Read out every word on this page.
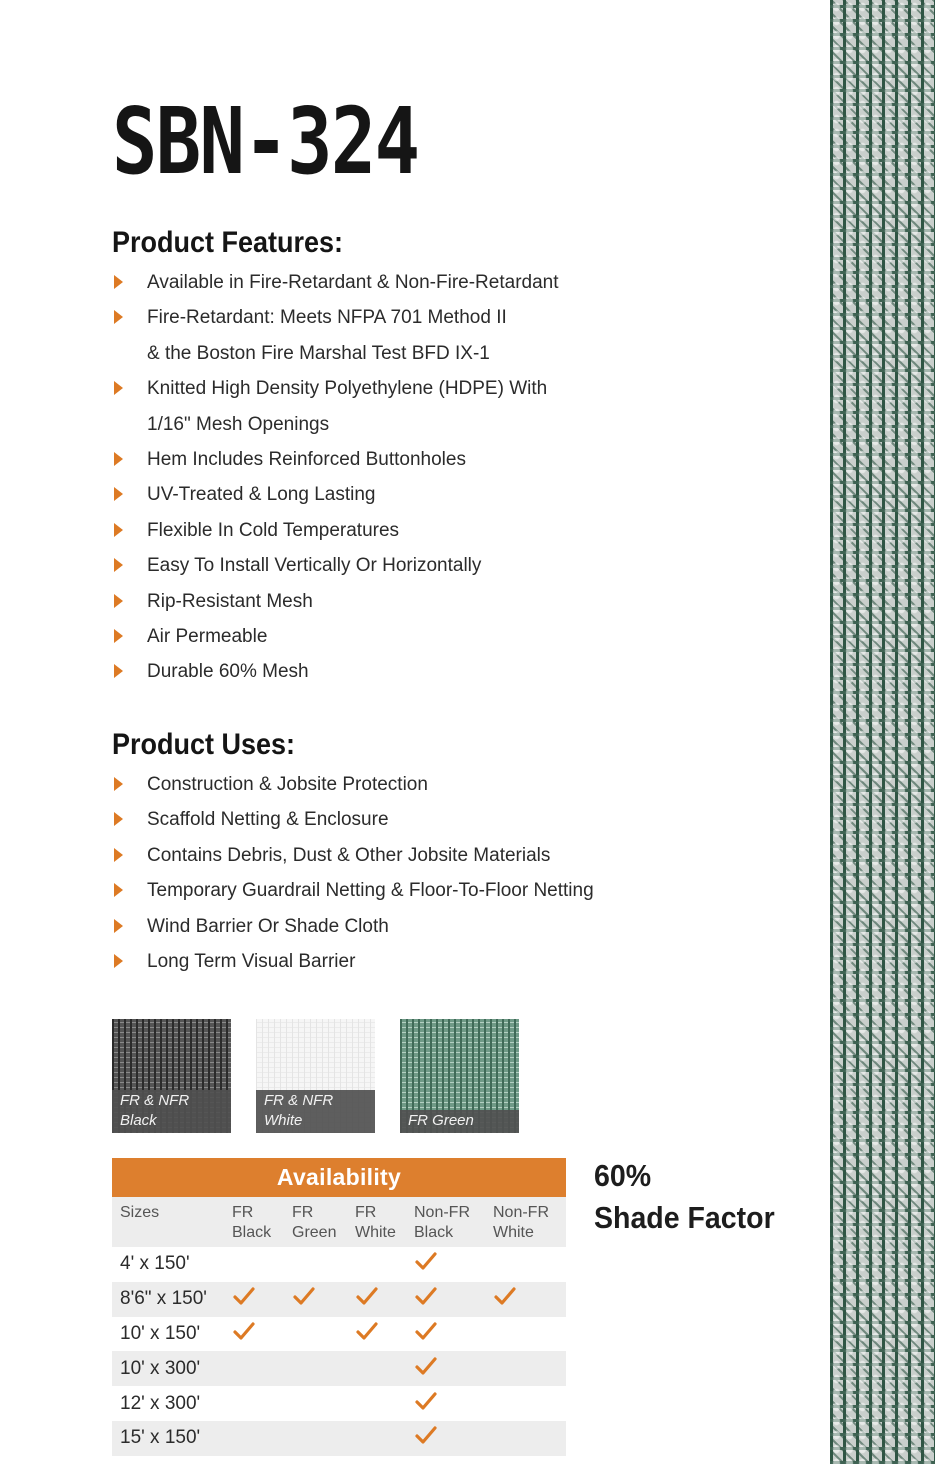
SBN-324
Product Features:
Available in Fire-Retardant & Non-Fire-Retardant
Fire-Retardant: Meets NFPA 701 Method II
& the Boston Fire Marshal Test BFD IX-1
Knitted High Density Polyethylene (HDPE) With
1/16" Mesh Openings
Hem Includes Reinforced Buttonholes
UV-Treated & Long Lasting
Flexible In Cold Temperatures
Easy To Install Vertically Or Horizontally
Rip-Resistant Mesh
Air Permeable
Durable 60% Mesh
Product Uses:
Construction & Jobsite Protection
Scaffold Netting & Enclosure
Contains Debris, Dust & Other Jobsite Materials
Temporary Guardrail Netting & Floor-To-Floor Netting
Wind Barrier Or Shade Cloth
Long Term Visual Barrier
FR & NFR
Black
FR & NFR
White	FR Green
Availability
Sizes	FR
Black
FR
Green
FR
White
Non-FR
Black
Non-FR
White
4' x 150'
8'6" x 150'
10' x 150'
10' x 300'
12' x 300'
15' x 150'
60%
Shade Factor
